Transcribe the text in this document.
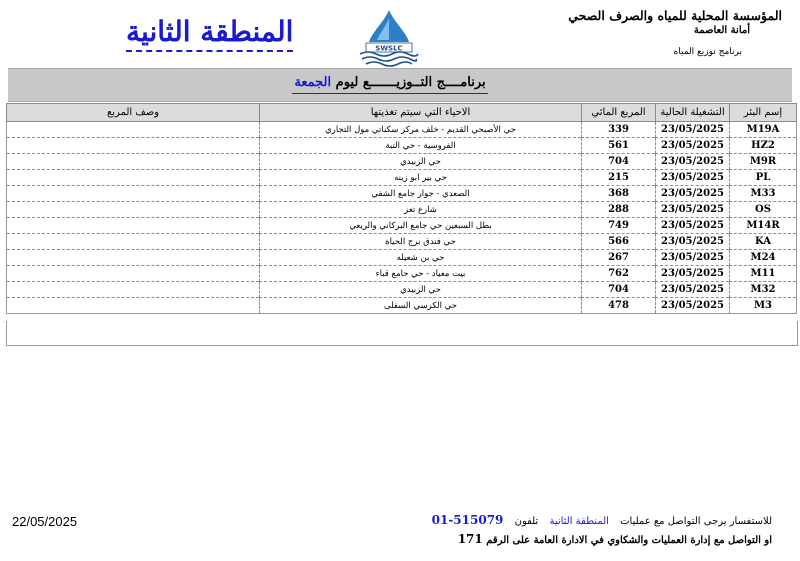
المؤسسة المحلية للمياه والصرف الصحي
أمانة العاصمة
برنامج توزيع المياه
SWSLC
المنطقة الثانية
برنامــــج التــوزيـــــــع ليوم الجمعة
إسم البئر	التشغيلة الحالية	المربع المائي	الاحياء التي سيتم تغذيتها	وصف المربع
M19A	23/05/2025	339	حي الأصبحي القديم - خلف مركز سكناتي مول التجاري	
HZ2	23/05/2025	561	الفروسية - حي التبة	
M9R	23/05/2025	704	حي الزبيدي	
PL	23/05/2025	215	حي بير ابو زينه	
M33	23/05/2025	368	الصعدي - جوار جامع الشفي	
OS	23/05/2025	288	شارع تعز	
M14R	23/05/2025	749	بطل السبعين حي جامع البركاني والريعي	
KA	23/05/2025	566	حي فندق برج الحياة	
M24	23/05/2025	267	حي بن شعيله	
M11	23/05/2025	762	بيت معياد - حي جامع قباء	
M32	23/05/2025	704	حي الزبيدي	
M3	23/05/2025	478	حي الكرسي السفلى	
22/05/2025	للاستفسار يرجى التواصل مع عمليات المنطقة الثانية تلفون 01-515079
او التواصل مع إدارة العمليات والشكاوي في الادارة العامة على الرقم 171
